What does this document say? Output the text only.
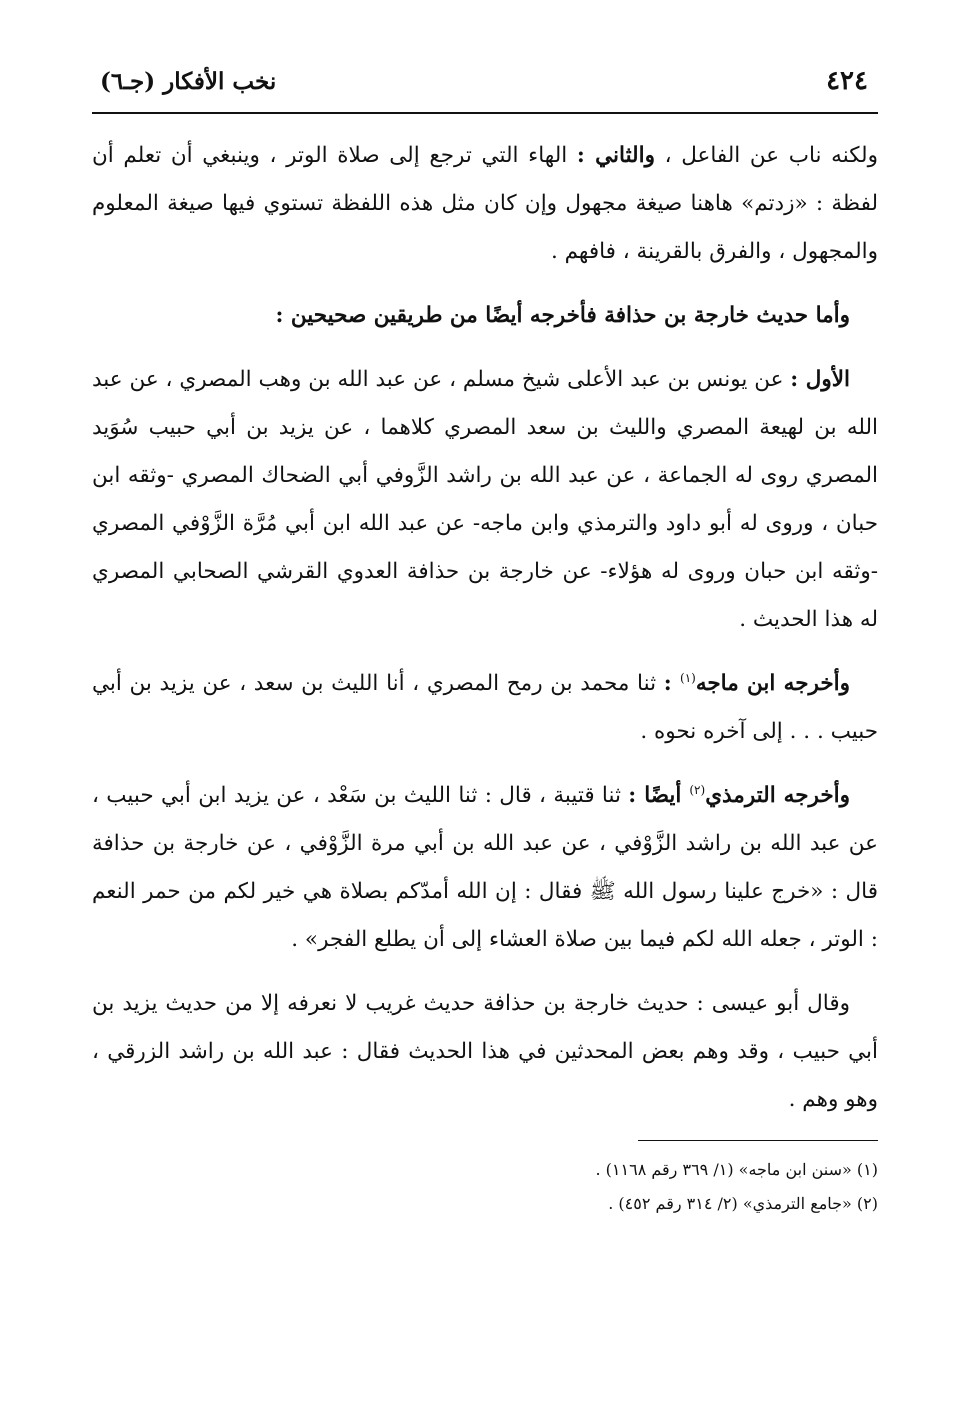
٤٢٤
نخب الأفكار (جـ٦)

ولكنه ناب عن الفاعل ، والثاني : الهاء التي ترجع إلى صلاة الوتر ، وينبغي أن تعلم أن لفظة : «زدتم» هاهنا صيغة مجهول وإن كان مثل هذه اللفظة تستوي فيها صيغة المعلوم والمجهول ، والفرق بالقرينة ، فافهم .

وأما حديث خارجة بن حذافة فأخرجه أيضًا من طريقين صحيحين :

الأول : عن يونس بن عبد الأعلى شيخ مسلم ، عن عبد الله بن وهب المصري ، عن عبد الله بن لهيعة المصري والليث بن سعد المصري كلاهما ، عن يزيد بن أبي حبيب سُوَيد المصري روى له الجماعة ، عن عبد الله بن راشد الزَّوفي أبي الضحاك المصري -وثقه ابن حبان ، وروى له أبو داود والترمذي وابن ماجه- عن عبد الله ابن أبي مُرَّة الزَّوْفي المصري -وثقه ابن حبان وروى له هؤلاء- عن خارجة بن حذافة العدوي القرشي الصحابي المصري له هذا الحديث .

وأخرجه ابن ماجه$^{(١)}$ : ثنا محمد بن رمح المصري ، أنا الليث بن سعد ، عن يزيد بن أبي حبيب . . . إلى آخره نحوه .

وأخرجه الترمذي$^{(٢)}$ أيضًا : ثنا قتيبة ، قال : ثنا الليث بن سَعْد ، عن يزيد ابن أبي حبيب ، عن عبد الله بن راشد الزَّوْفي ، عن عبد الله بن أبي مرة الزَّوْفي ، عن خارجة بن حذافة قال : «خرج علينا رسول الله ﷺ فقال : إن الله أمدّكم بصلاة هي خير لكم من حمر النعم : الوتر ، جعله الله لكم فيما بين صلاة العشاء إلى أن يطلع الفجر» .

وقال أبو عيسى : حديث خارجة بن حذافة حديث غريب لا نعرفه إلا من حديث يزيد بن أبي حبيب ، وقد وهم بعض المحدثين في هذا الحديث فقال : عبد الله بن راشد الزرقي ، وهو وهم .

(١) «سنن ابن ماجه» (١/ ٣٦٩ رقم ١١٦٨) .

(٢) «جامع الترمذي» (٢/ ٣١٤ رقم ٤٥٢) .
